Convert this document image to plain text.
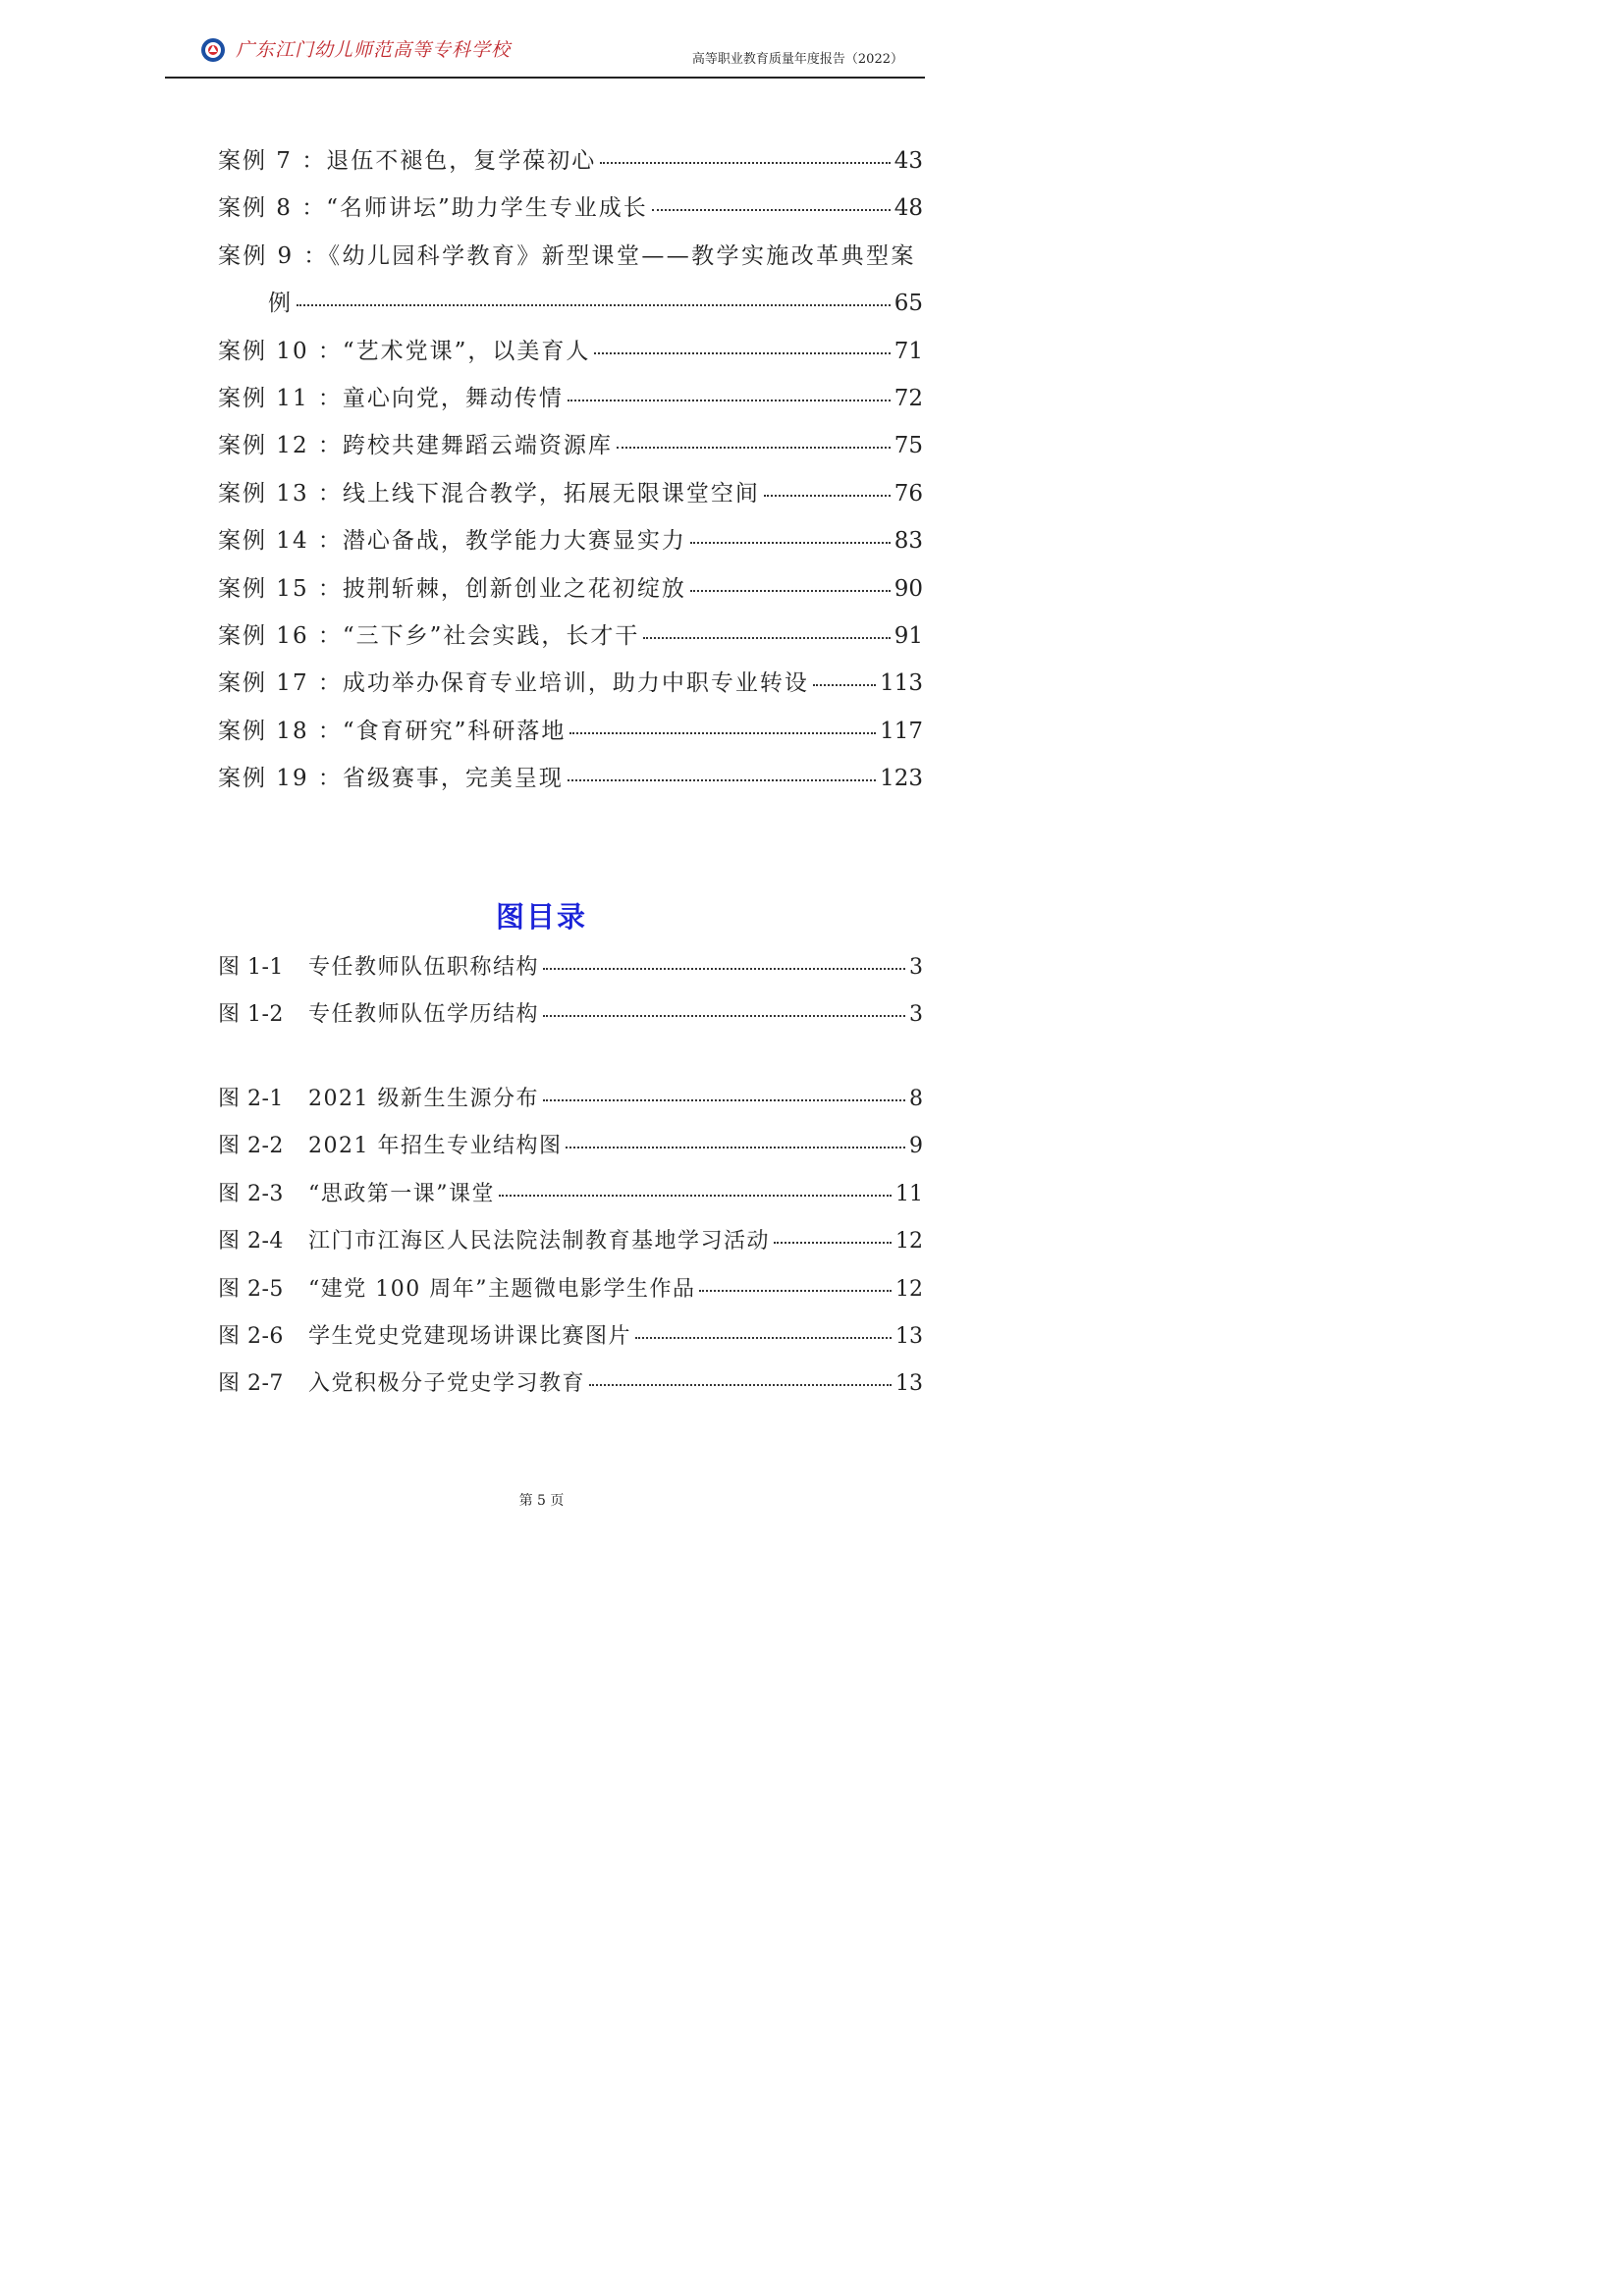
广东江门幼儿师范高等专科学校	高等职业教育质量年度报告（2022）
案例 7 ：退伍不褪色，复学葆初心	43
案例 8 ：“名师讲坛”助力学生专业成长	48
案例 9 ：《幼儿园科学教育》新型课堂——教学实施改革典型案
例	65
案例 10 ：“艺术党课”，以美育人	71
案例 11 ：童心向党，舞动传情	72
案例 12 ：跨校共建舞蹈云端资源库	75
案例 13 ：线上线下混合教学，拓展无限课堂空间	76
案例 14 ：潜心备战，教学能力大赛显实力	83
案例 15 ：披荆斩棘，创新创业之花初绽放	90
案例 16 ：“三下乡”社会实践，长才干	91
案例 17 ：成功举办保育专业培训，助力中职专业转设	113
案例 18 ：“食育研究”科研落地	117
案例 19 ：省级赛事，完美呈现	123
图目录
图 1-1	专任教师队伍职称结构	3
图 1-2	专任教师队伍学历结构	3
图 2-1	2021 级新生生源分布	8
图 2-2	2021 年招生专业结构图	9
图 2-3	“思政第一课”课堂	11
图 2-4	江门市江海区人民法院法制教育基地学习活动	12
图 2-5	“建党 100 周年”主题微电影学生作品	12
图 2-6	学生党史党建现场讲课比赛图片	13
图 2-7	入党积极分子党史学习教育	13
第 5 页
